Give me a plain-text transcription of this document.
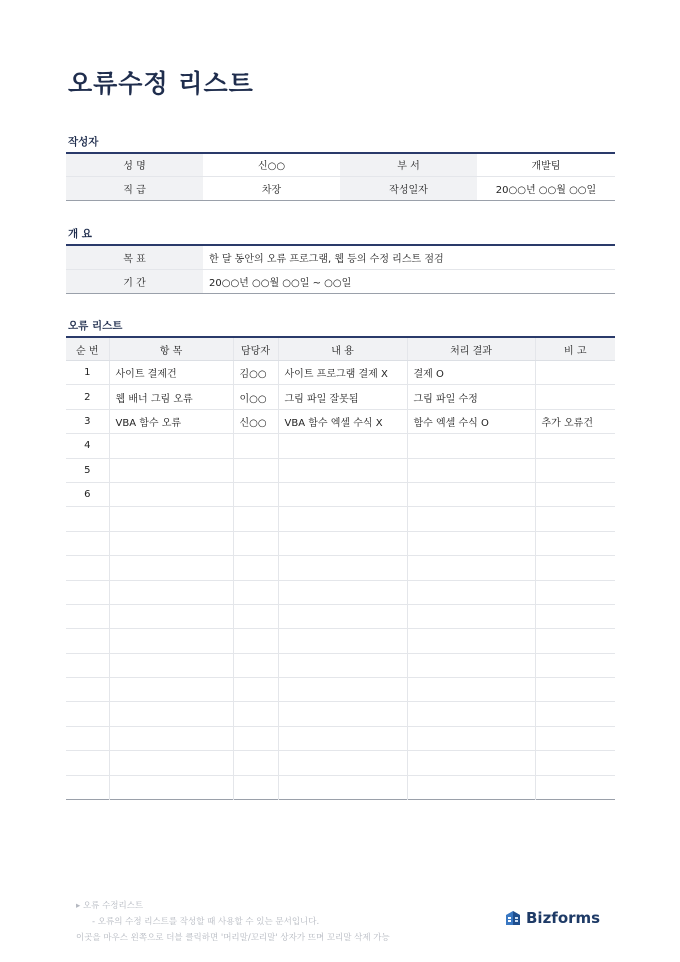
오류수정 리스트
작성자
성 명	신○○	부 서	개발팀
직 급	차장	작성일자	20○○년 ○○월 ○○일
개 요
목 표	한 달 동안의 오류 프로그램, 웹 등의 수정 리스트 점검
기 간	20○○년 ○○월 ○○일 ~ ○○일
오류 리스트
순 번	항 목	담당자	내 용	처리 결과	비 고
1	사이트 결제건	김○○	사이트 프로그램 결제 X	결제 O	
2	웹 배너 그림 오류	이○○	그림 파일 잘못됨	그림 파일 수정	
3	VBA 함수 오류	신○○	VBA 함수 엑셀 수식 X	함수 엑셀 수식 O	추가 오류건
4					
5					
6					

▸ 오류 수정리스트
- 오류의 수정 리스트를 작성할 때 사용할 수 있는 문서입니다.
이곳을 마우스 왼쪽으로 더블 클릭하면 '머리말/꼬리말' 상자가 뜨며 꼬리말 삭제 가능
Bizforms
